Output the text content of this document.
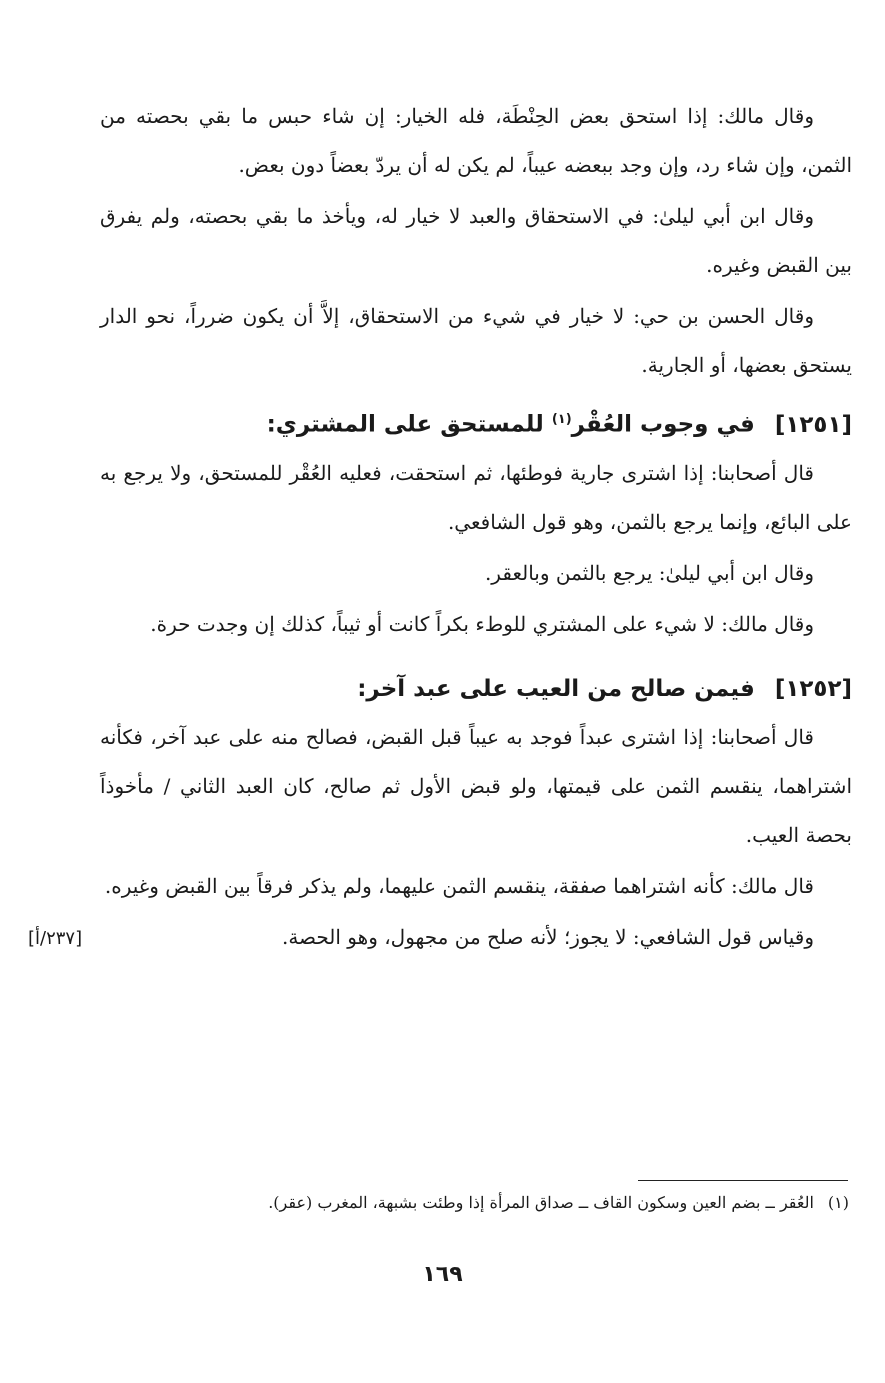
وقال مالك: إذا استحق بعض الحِنْطَة، فله الخيار: إن شاء حبس ما بقي بحصته من الثمن، وإن شاء رد، وإن وجد ببعضه عيباً، لم يكن له أن يردّ بعضاً دون بعض.

وقال ابن أبي ليلىٰ: في الاستحقاق والعبد لا خيار له، ويأخذ ما بقي بحصته، ولم يفرق بين القبض وغيره.

وقال الحسن بن حي: لا خيار في شيء من الاستحقاق، إلاَّ أن يكون ضرراً، نحو الدار يستحق بعضها، أو الجارية.

[١٢٥١] في وجوب العُقْر$^{(١)}$ للمستحق على المشتري:

قال أصحابنا: إذا اشترى جارية فوطئها، ثم استحقت، فعليه العُقْر للمستحق، ولا يرجع به على البائع، وإنما يرجع بالثمن، وهو قول الشافعي.

وقال ابن أبي ليلىٰ: يرجع بالثمن وبالعقر.

وقال مالك: لا شيء على المشتري للوطء بكراً كانت أو ثيباً، كذلك إن وجدت حرة.

[١٢٥٢] فيمن صالح من العيب على عبد آخر:

قال أصحابنا: إذا اشترى عبداً فوجد به عيباً قبل القبض، فصالح منه على عبد آخر، فكأنه اشتراهما، ينقسم الثمن على قيمتها، ولو قبض الأول ثم صالح، كان العبد الثاني / مأخوذاً بحصة العيب.

قال مالك: كأنه اشتراهما صفقة، ينقسم الثمن عليهما، ولم يذكر فرقاً بين القبض وغيره.

وقياس قول الشافعي: لا يجوز؛ لأنه صلح من مجهول، وهو الحصة.

[٢٣٧/أ]
(١)العُقر ــ بضم العين وسكون القاف ــ صداق المرأة إذا وطئت بشبهة، المغرب (عقر).
١٦٩
